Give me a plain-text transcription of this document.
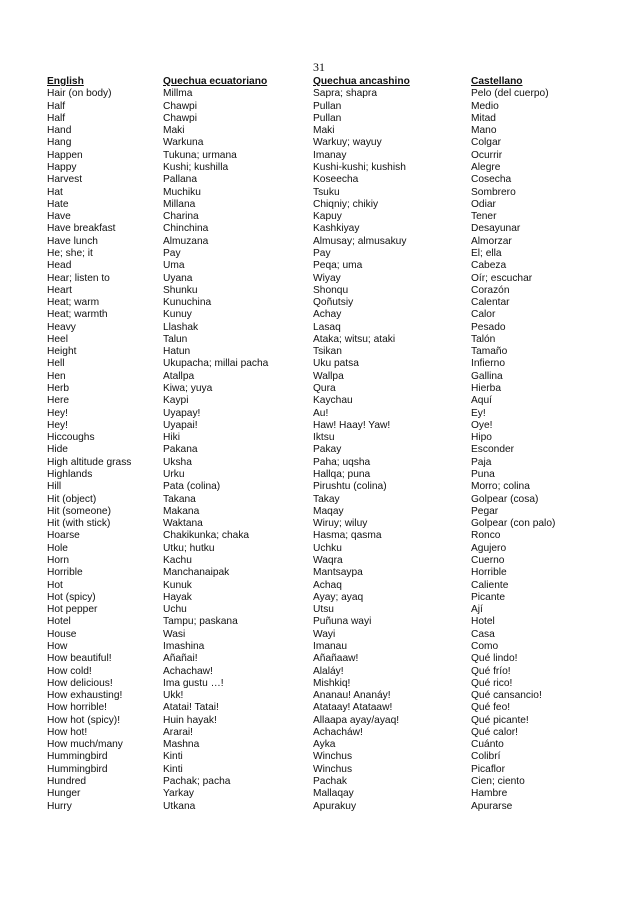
31
English	Quechua ecuatoriano	Quechua ancashino	Castellano
Hair (on body)	Millma	Sapra; shapra	Pelo (del cuerpo)
Half	Chawpi	Pullan	Medio
Half	Chawpi	Pullan	Mitad
Hand	Maki	Maki	Mano
Hang	Warkuna	Warkuy; wayuy	Colgar
Happen	Tukuna; urmana	Imanay	Ocurrir
Happy	Kushi; kushilla	Kushi-kushi; kushish	Alegre
Harvest	Pallana	Koseecha	Cosecha
Hat	Muchiku	Tsuku	Sombrero
Hate	Millana	Chiqniy; chikiy	Odiar
Have	Charina	Kapuy	Tener
Have breakfast	Chinchina	Kashkiyay	Desayunar
Have lunch	Almuzana	Almusay; almusakuy	Almorzar
He; she; it	Pay	Pay	El; ella
Head	Uma	Peqa; uma	Cabeza
Hear; listen to	Uyana	Wiyay	Oír; escuchar
Heart	Shunku	Shonqu	Corazón
Heat; warm	Kunuchina	Qoñutsiy	Calentar
Heat; warmth	Kunuy	Achay	Calor
Heavy	Llashak	Lasaq	Pesado
Heel	Talun	Ataka; witsu; ataki	Talón
Height	Hatun	Tsikan	Tamaño
Hell	Ukupacha; millai pacha	Uku patsa	Infierno
Hen	Atallpa	Wallpa	Gallina
Herb	Kiwa; yuya	Qura	Hierba
Here	Kaypi	Kaychau	Aquí
Hey!	Uyapay!	Au!	Ey!
Hey!	Uyapai!	Haw! Haay! Yaw!	Oye!
Hiccoughs	Hiki	Iktsu	Hipo
Hide	Pakana	Pakay	Esconder
High altitude grass	Uksha	Paha; uqsha	Paja
Highlands	Urku	Hallqa; puna	Puna
Hill	Pata (colina)	Pirushtu (colina)	Morro; colina
Hit (object)	Takana	Takay	Golpear (cosa)
Hit (someone)	Makana	Maqay	Pegar
Hit (with stick)	Waktana	Wiruy; wiluy	Golpear (con palo)
Hoarse	Chakikunka; chaka	Hasma; qasma	Ronco
Hole	Utku; hutku	Uchku	Agujero
Horn	Kachu	Waqra	Cuerno
Horrible	Manchanaipak	Mantsaypa	Horrible
Hot	Kunuk	Achaq	Caliente
Hot (spicy)	Hayak	Ayay; ayaq	Picante
Hot pepper	Uchu	Utsu	Ají
Hotel	Tampu; paskana	Puñuna wayi	Hotel
House	Wasi	Wayi	Casa
How	Imashina	Imanau	Como
How beautiful!	Añañai!	Añañaaw!	Qué lindo!
How cold!	Achachaw!	Alaláy!	Qué frío!
How delicious!	Ima gustu …!	Mishkiq!	Qué rico!
How exhausting!	Ukk!	Ananau! Ananáy!	Qué cansancio!
How horrible!	Atatai! Tatai!	Atataay! Atataaw!	Qué feo!
How hot (spicy)!	Huin hayak!	Allaapa ayay/ayaq!	Qué picante!
How hot!	Ararai!	Achacháw!	Qué calor!
How much/many	Mashna	Ayka	Cuánto
Hummingbird	Kinti	Winchus	Colibrí
Hummingbird	Kinti	Winchus	Picaflor
Hundred	Pachak; pacha	Pachak	Cien; ciento
Hunger	Yarkay	Mallaqay	Hambre
Hurry	Utkana	Apurakuy	Apurarse
